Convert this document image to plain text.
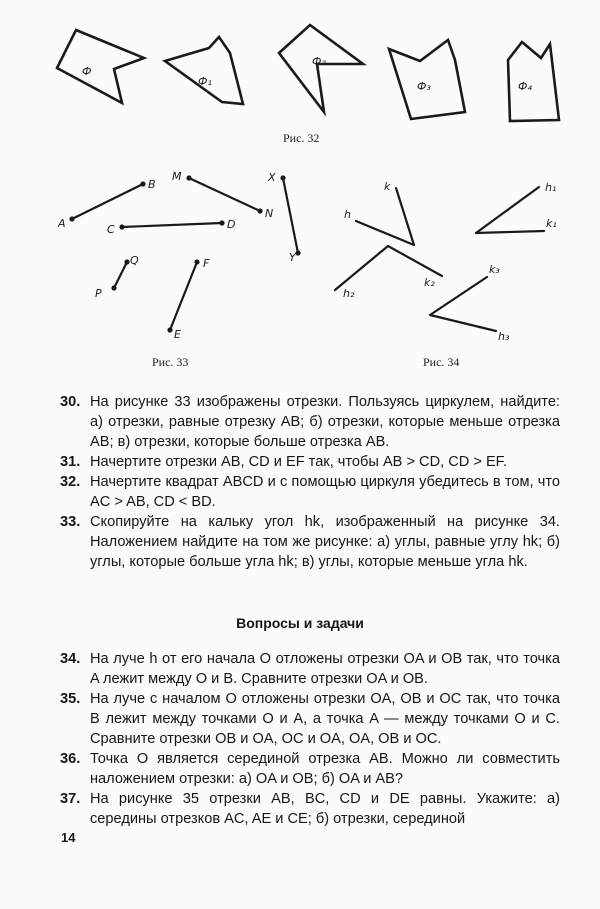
Ф
Ф₁
Ф₂
Ф₃	Ф₄
Рис. 32
A
B
M
N
C	D
X
Y
P
Q
E
F
Рис. 33
k
h
h₁
k₁
h₂
k₂
k₃
h₃
Рис. 34
30. На рисунке 33 изображены отрезки. Пользуясь циркулем, найдите: а) отрезки, равные отрезку AB; б) отрезки, которые меньше отрезка AB; в) отрезки, которые больше отрезка AB.
31. Начертите отрезки AB, CD и EF так, чтобы AB > CD, CD > EF.
32. Начертите квадрат ABCD и с помощью циркуля убедитесь в том, что AC > AB, CD < BD.
33. Скопируйте на кальку угол hk, изображенный на рисунке 34. Наложением найдите на том же рисунке: а) углы, равные углу hk; б) углы, которые больше угла hk; в) углы, которые меньше угла hk.
Вопросы и задачи
34. На луче h от его начала O отложены отрезки OA и OB так, что точка A лежит между O и B. Сравните отрезки OA и OB.
35. На луче с началом O отложены отрезки OA, OB и OC так, что точка B лежит между точками O и A, а точка A — между точками O и C. Сравните отрезки OB и OA, OC и OA, OA, OB и OC.
36. Точка O является серединой отрезка AB. Можно ли совместить наложением отрезки: а) OA и OB; б) OA и AB?
37. На рисунке 35 отрезки AB, BC, CD и DE равны. Укажите: а) середины отрезков AC, AE и CE; б) отрезки, серединой
14
